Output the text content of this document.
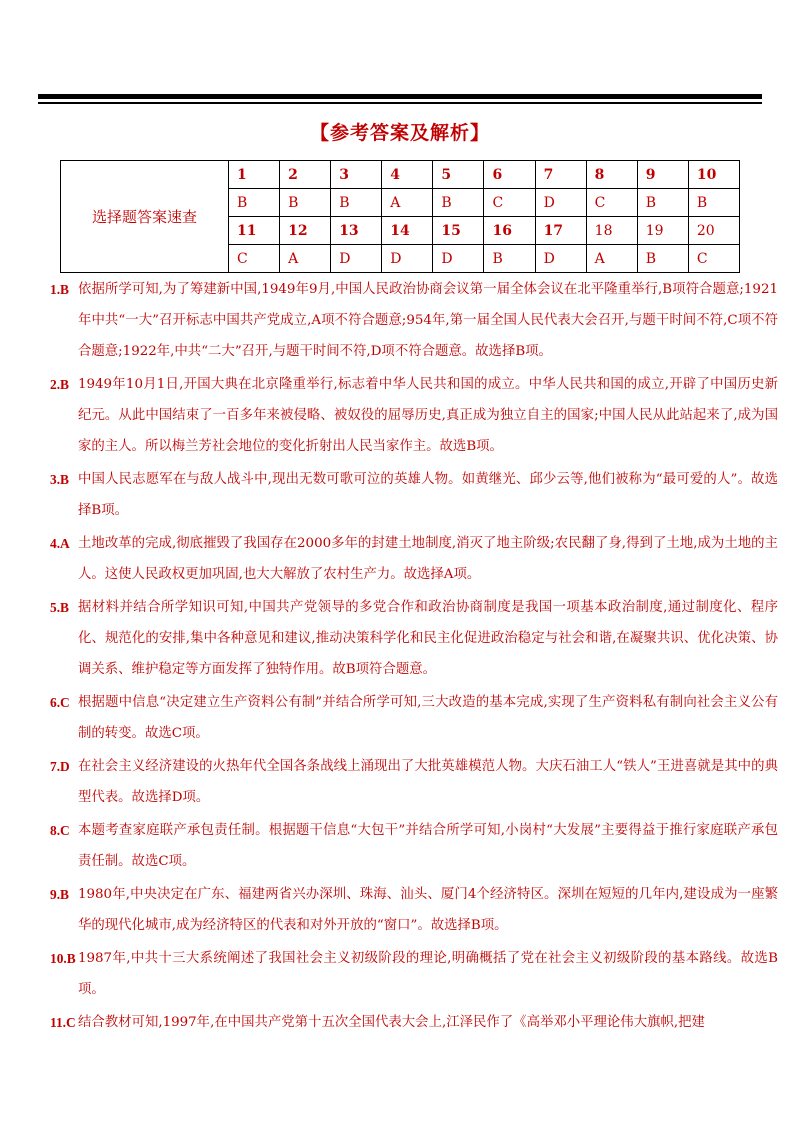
【参考答案及解析】
选择题答案速查	1	2	3	4	5	6	7	8	9	10
	B	B	B	A	B	C	D	C	B	B
	11	12	13	14	15	16	17	18	19	20
	C	A	D	D	D	B	D	A	B	C
1.B 依据所学可知,为了筹建新中国,1949年9月,中国人民政治协商会议第一届全体会议在北平隆重举行,B项符合题意;1921年中共“一大”召开标志中国共产党成立,A项不符合题意;954年,第一届全国人民代表大会召开,与题干时间不符,C项不符合题意;1922年,中共“二大”召开,与题干时间不符,D项不符合题意。故选择B项。
2.B 1949年10月1日,开国大典在北京隆重举行,标志着中华人民共和国的成立。中华人民共和国的成立,开辟了中国历史新纪元。从此中国结束了一百多年来被侵略、被奴役的屈辱历史,真正成为独立自主的国家;中国人民从此站起来了,成为国家的主人。所以梅兰芳社会地位的变化折射出人民当家作主。故选B项。
3.B 中国人民志愿军在与敌人战斗中,现出无数可歌可泣的英雄人物。如黄继光、邱少云等,他们被称为“最可爱的人”。故选择B项。
4.A 土地改革的完成,彻底摧毁了我国存在2000多年的封建土地制度,消灭了地主阶级;农民翻了身,得到了土地,成为土地的主人。这使人民政权更加巩固,也大大解放了农村生产力。故选择A项。
5.B 据材料并结合所学知识可知,中国共产党领导的多党合作和政治协商制度是我国一项基本政治制度,通过制度化、程序化、规范化的安排,集中各种意见和建议,推动决策科学化和民主化促进政治稳定与社会和谐,在凝聚共识、优化决策、协调关系、维护稳定等方面发挥了独特作用。故B项符合题意。
6.C 根据题中信息“决定建立生产资料公有制”并结合所学可知,三大改造的基本完成,实现了生产资料私有制向社会主义公有制的转变。故选C项。
7.D 在社会主义经济建设的火热年代全国各条战线上涌现出了大批英雄模范人物。大庆石油工人“铁人”王进喜就是其中的典型代表。故选择D项。
8.C 本题考查家庭联产承包责任制。根据题干信息“大包干”并结合所学可知,小岗村“大发展”主要得益于推行家庭联产承包责任制。故选C项。
9.B 1980年,中央决定在广东、福建两省兴办深圳、珠海、汕头、厦门4个经济特区。深圳在短短的几年内,建设成为一座繁华的现代化城市,成为经济特区的代表和对外开放的“窗口”。故选择B项。
10.B 1987年,中共十三大系统阐述了我国社会主义初级阶段的理论,明确概括了党在社会主义初级阶段的基本路线。故选B项。
11.C 结合教材可知,1997年,在中国共产党第十五次全国代表大会上,江泽民作了《高举邓小平理论伟大旗帜,把建
